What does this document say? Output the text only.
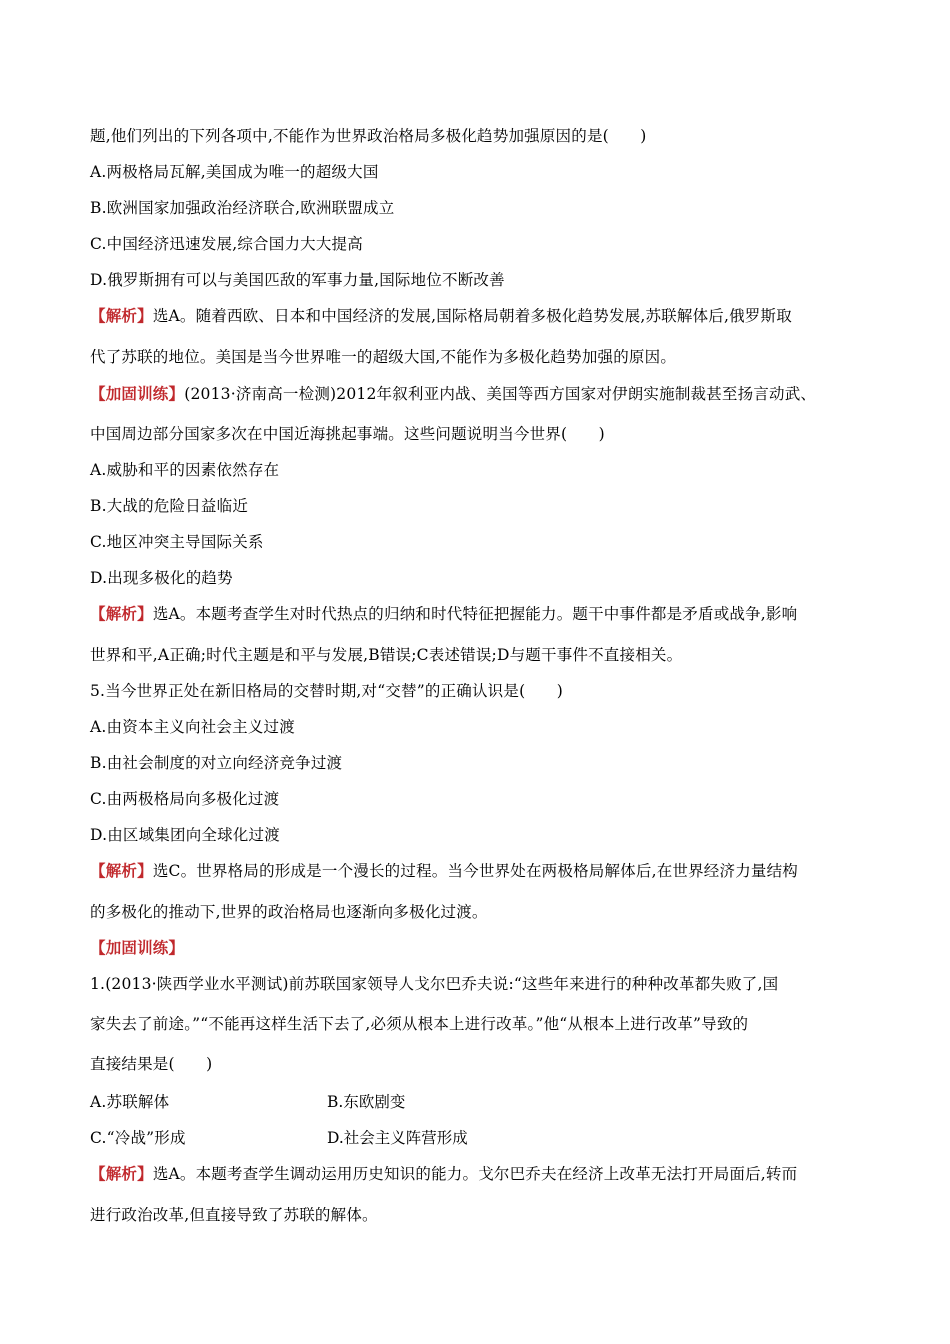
题,他们列出的下列各项中,不能作为世界政治格局多极化趋势加强原因的是(　　)
A.两极格局瓦解,美国成为唯一的超级大国
B.欧洲国家加强政治经济联合,欧洲联盟成立
C.中国经济迅速发展,综合国力大大提高
D.俄罗斯拥有可以与美国匹敌的军事力量,国际地位不断改善
【解析】选A。随着西欧、日本和中国经济的发展,国际格局朝着多极化趋势发展,苏联解体后,俄罗斯取
代了苏联的地位。美国是当今世界唯一的超级大国,不能作为多极化趋势加强的原因。
【加固训练】(2013·济南高一检测)2012年叙利亚内战、美国等西方国家对伊朗实施制裁甚至扬言动武、
中国周边部分国家多次在中国近海挑起事端。这些问题说明当今世界(　　)
A.威胁和平的因素依然存在
B.大战的危险日益临近
C.地区冲突主导国际关系
D.出现多极化的趋势
【解析】选A。本题考查学生对时代热点的归纳和时代特征把握能力。题干中事件都是矛盾或战争,影响
世界和平,A正确;时代主题是和平与发展,B错误;C表述错误;D与题干事件不直接相关。
5.当今世界正处在新旧格局的交替时期,对“交替”的正确认识是(　　)
A.由资本主义向社会主义过渡
B.由社会制度的对立向经济竞争过渡
C.由两极格局向多极化过渡
D.由区域集团向全球化过渡
【解析】选C。世界格局的形成是一个漫长的过程。当今世界处在两极格局解体后,在世界经济力量结构
的多极化的推动下,世界的政治格局也逐渐向多极化过渡。
【加固训练】
1.(2013·陕西学业水平测试)前苏联国家领导人戈尔巴乔夫说:“这些年来进行的种种改革都失败了,国
家失去了前途。”“不能再这样生活下去了,必须从根本上进行改革。”他“从根本上进行改革”导致的
直接结果是(　　)
A.苏联解体	B.东欧剧变
C.“冷战”形成	D.社会主义阵营形成
【解析】选A。本题考查学生调动运用历史知识的能力。戈尔巴乔夫在经济上改革无法打开局面后,转而
进行政治改革,但直接导致了苏联的解体。
